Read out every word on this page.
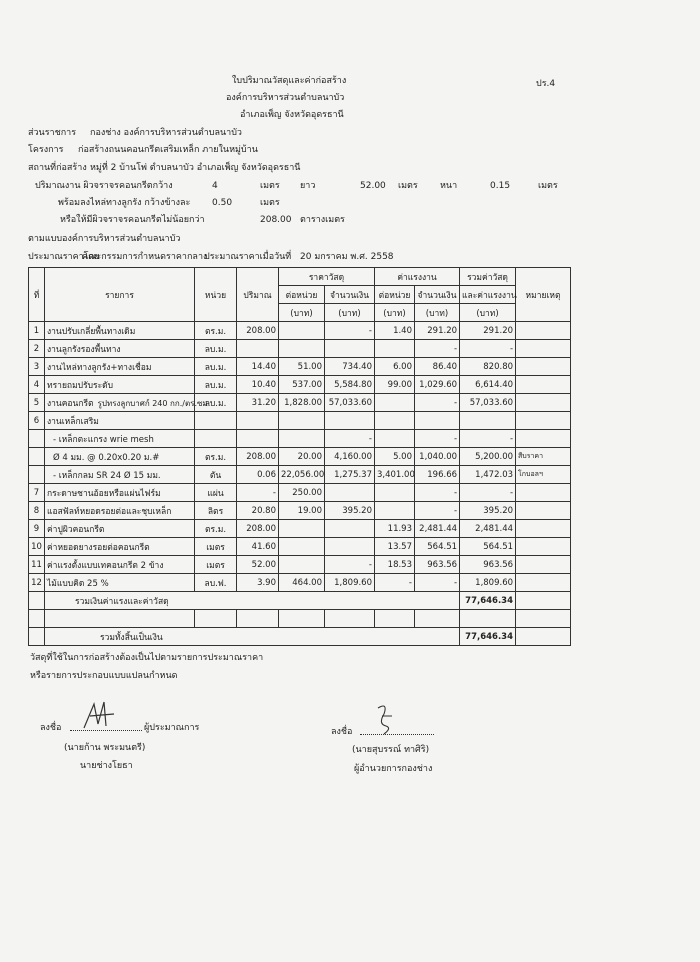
ใบปริมาณวัสดุและค่าก่อสร้าง
องค์การบริหารส่วนตำบลนาบัว
อำเภอเพ็ญ จังหวัดอุดรธานี
ปร.4
ส่วนราชการ กองช่าง องค์การบริหารส่วนตำบลนาบัว
โครงการ ก่อสร้างถนนคอนกรีตเสริมเหล็ก ภายในหมู่บ้าน
สถานที่ก่อสร้าง หมู่ที่ 2 บ้านโพ่ ตำบลนาบัว อำเภอเพ็ญ จังหวัดอุดรธานี
ปริมาณงาน ผิวจราจรคอนกรีตกว้าง	4	เมตร ยาว	52.00 เมตร หนา	0.15	เมตร
พร้อมลงไหล่ทางลูกรัง กว้างข้างละ 0.50	เมตร
หรือให้มีผิวจราจรคอนกรีตไม่น้อยกว่า	208.00 ตารางเมตร
ตามแบบองค์การบริหารส่วนตำบลนาบัว
ประมาณราคาโดย
คณะกรรมการกำหนดราคากลาง
ประมาณราคาเมื่อวันที่ 20 มกราคม พ.ศ. 2558
ที่	รายการ	หน่วย	ปริมาณ	ราคาวัสดุ		ค่าแรงงาน		รวมค่าวัสดุ	หมายเหตุ
				ต่อหน่วย	จำนวนเงิน	ต่อหน่วย	จำนวนเงิน	และค่าแรงงาน	
				(บาท)	(บาท)	(บาท)	(บาท)	(บาท)	
1	งานปรับเกลี่ยพื้นทางเดิม	ตร.ม.	208.00		-	1.40	291.20	291.20	
2	งานลูกรังรองพื้นทาง	ลบ.ม.					-	-	
3	งานไหล่ทางลูกรัง+ทางเชื่อม	ลบ.ม.	14.40	51.00	734.40	6.00	86.40	820.80	
4	ทรายถมปรับระดับ	ลบ.ม.	10.40	537.00	5,584.80	99.00	1,029.60	6,614.40	
5	งานคอนกรีต รูปทรงลูกบาศก์ 240 กก./ตร.ซม.	ลบ.ม.	31.20	1,828.00	57,033.60		-	57,033.60	
6	งานเหล็กเสริม								
	- เหล็กตะแกรง wrie mesh				-		-	-	
	Ø 4 มม. @ 0.20x0.20 ม.#	ตร.ม.	208.00	20.00	4,160.00	5.00	1,040.00	5,200.00	สืบราคา
	- เหล็กกลม SR 24 Ø 15 มม.	ตัน	0.06	22,056.00	1,275.37	3,401.00	196.66	1,472.03	โกบอลฯ
7	กระดาษชานอ้อยหรือแผ่นไฟร์ม	แผ่น	-	250.00			-	-	
8	แอสฟัลท์หยอดรอยต่อและชุบเหล็ก	ลิตร	20.80	19.00	395.20		-	395.20	
9	ค่าปูผิวคอนกรีต	ตร.ม.	208.00			11.93	2,481.44	2,481.44	
10	ค่าหยอดยางรอยต่อคอนกรีต	เมตร	41.60			13.57	564.51	564.51	
11	ค่าแรงตั้งแบบเทคอนกรีต 2 ข้าง	เมตร	52.00		-	18.53	963.56	963.56	
12	ไม้แบบคิด 25 %	ลบ.ฟ.	3.90	464.00	1,809.60	-	-	1,809.60	
	รวมเงินค่าแรงและค่าวัสดุ							77,646.34	

	รวมทั้งสิ้นเป็นเงิน							77,646.34	
วัสดุที่ใช้ในการก่อสร้างต้องเป็นไปตามรายการประมาณราคา
หรือรายการประกอบแบบแปลนกำหนด
ลงชื่อ	ผู้ประมาณการ
(นายก้าน พระมนตรี)
นายช่างโยธา
ลงชื่อ
(นายสุบรรณ์ ทาศิริ)
ผู้อำนวยการกองช่าง
